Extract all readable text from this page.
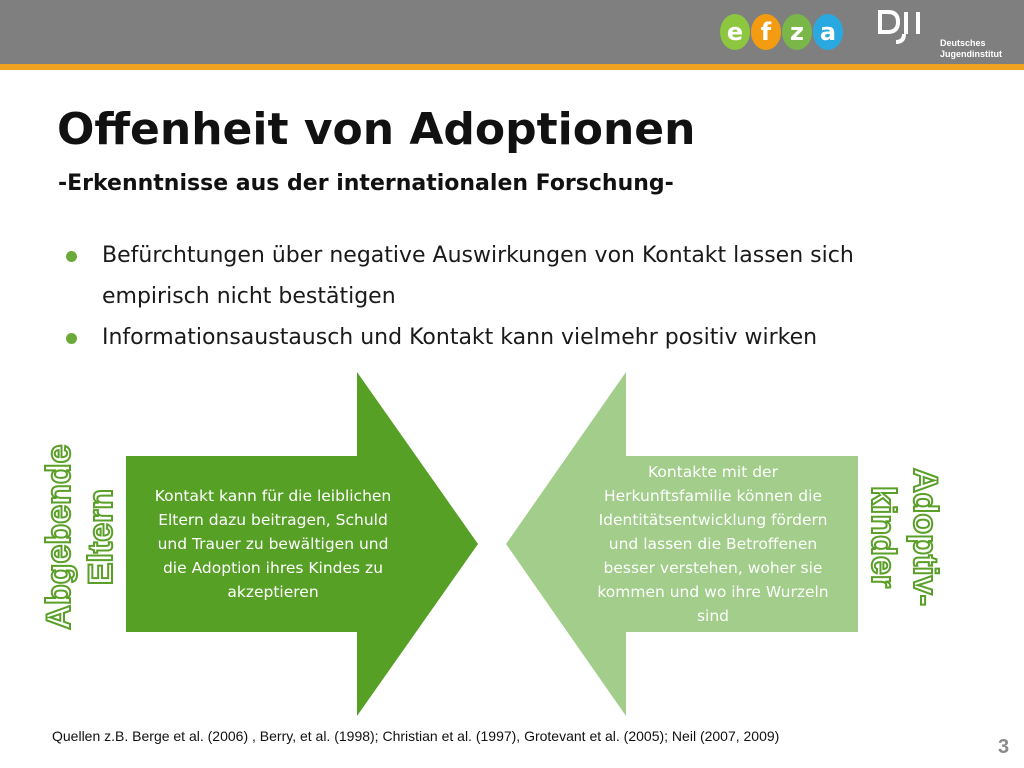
e f z a	Deutsches
Jugendinstitut
Offenheit von Adoptionen
-Erkenntnisse aus der internationalen Forschung-
Befürchtungen über negative Auswirkungen von Kontakt lassen sich
empirisch nicht bestätigen
Informationsaustausch und Kontakt kann vielmehr positiv wirken
Kontakt kann für die leiblichen
Eltern dazu beitragen, Schuld
und Trauer zu bewältigen und
die Adoption ihres Kindes zu
akzeptieren
Kontakte mit der
Herkunftsfamilie können die
Identitätsentwicklung fördern
und lassen die Betroffenen
besser verstehen, woher sie
kommen und wo ihre Wurzeln
sind
Abgebende Eltern	Adoptiv-
kinder
Quellen z.B. Berge et al. (2006) , Berry, et al. (1998); Christian et al. (1997), Grotevant et al. (2005); Neil (2007, 2009)	3
